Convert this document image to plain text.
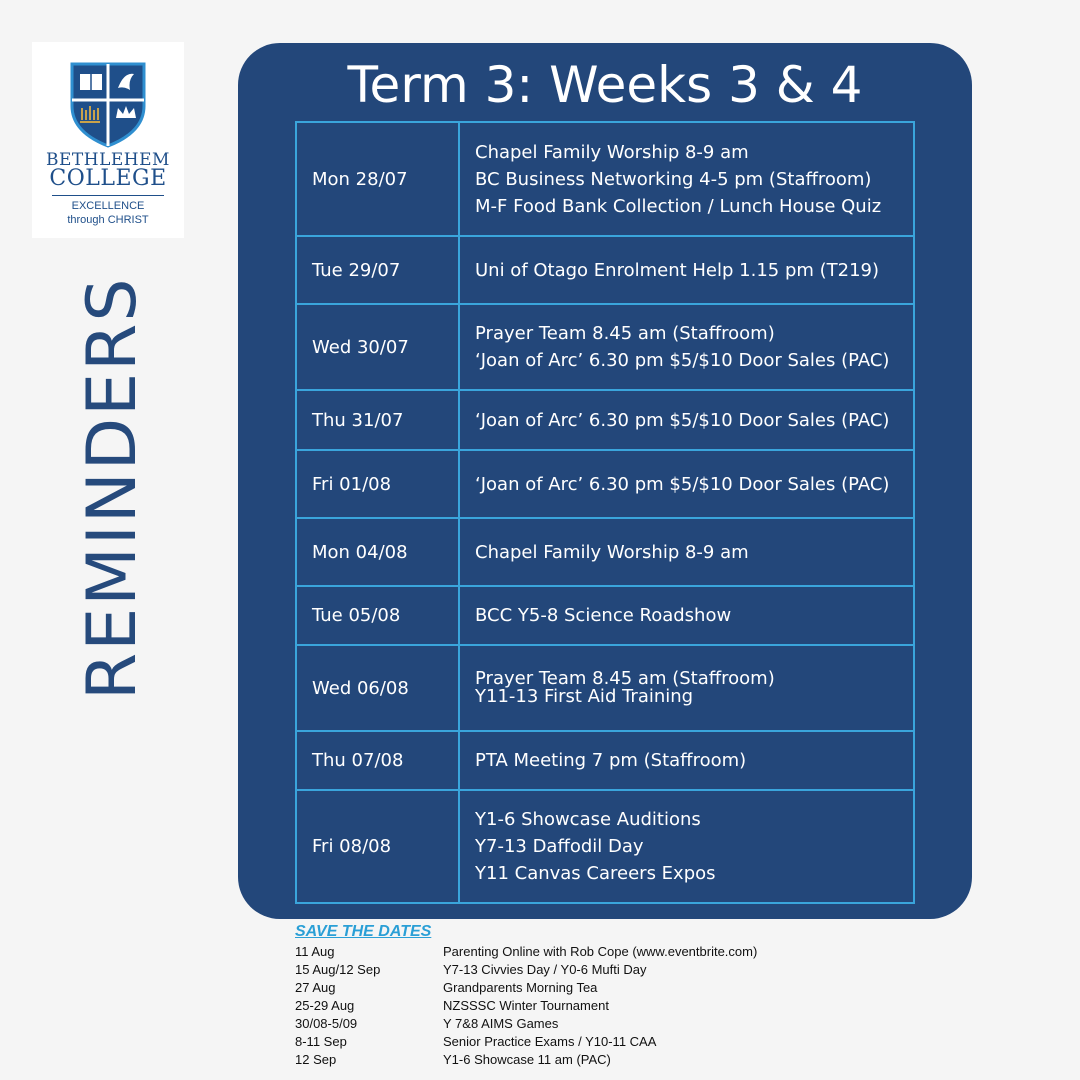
BETHLEHEM
COLLEGE
EXCELLENCE
through CHRIST
REMINDERS
Term 3: Weeks 3 & 4
Mon 28/07	Chapel Family Worship 8-9 am
BC Business Networking 4-5 pm (Staffroom)
M-F Food Bank Collection / Lunch House Quiz

Tue 29/07	Uni of Otago Enrolment Help 1.15 pm (T219)

Wed 30/07	Prayer Team 8.45 am (Staffroom)
‘Joan of Arc’ 6.30 pm $5/$10 Door Sales (PAC)

Thu 31/07	‘Joan of Arc’ 6.30 pm $5/$10 Door Sales (PAC)

Fri 01/08	‘Joan of Arc’ 6.30 pm $5/$10 Door Sales (PAC)

Mon 04/08	Chapel Family Worship 8-9 am

Tue 05/08	BCC Y5-8 Science Roadshow

Wed 06/08	Prayer Team 8.45 am (Staffroom)
Y11-13 First Aid Training

Thu 07/08	PTA Meeting 7 pm (Staffroom)

Fri 08/08	Y1-6 Showcase Auditions
Y7-13 Daffodil Day
Y11 Canvas Careers Expos
SAVE THE DATES
11 Aug	Parenting Online with Rob Cope (www.eventbrite.com)
15 Aug/12 Sep	Y7-13 Civvies Day / Y0-6 Mufti Day
27 Aug	Grandparents Morning Tea
25-29 Aug	NZSSSC Winter Tournament
30/08-5/09	Y 7&8 AIMS Games
8-11 Sep	Senior Practice Exams / Y10-11 CAA
12 Sep	Y1-6 Showcase 11 am (PAC)
